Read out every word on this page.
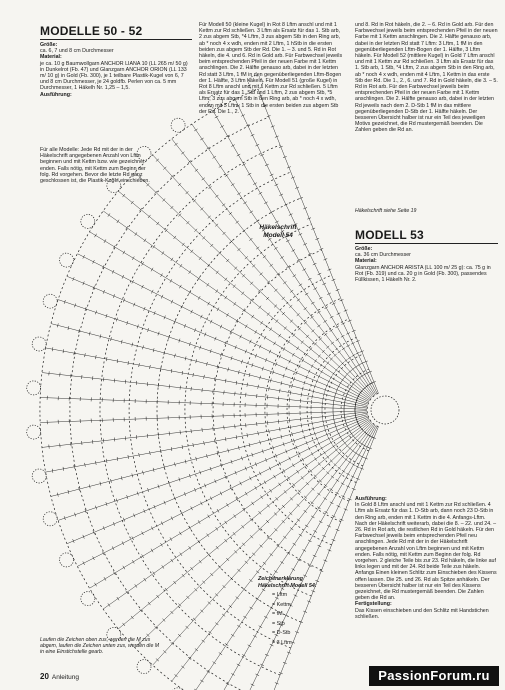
MODELLE 50 - 52
Größe:
ca. 6, 7 und 8 cm Durchmesser
Material:
je ca. 10 g Baumwollgarn ANCHOR LIANA 10 (LL 265 m/ 50 g) in Dunkelrot (Fb. 47) und Glanzgarn ANCHOR ORION (LL 133 m/ 10 g) in Gold (Fb. 300), je 1 teilbare Plastik-Kugel von 6, 7 und 8 cm Durchmesser, je 24 goldfb. Perlen von ca. 5 mm Durchmesser, 1 Häkelh Nr. 1,25 – 1,5.
Ausführung:
Für alle Modelle: Jede Rd mit der in der Häkelschrift angegebenen Anzahl von Lftm beginnen und mit Kettm bzw. wie gezeichnet enden. Falls nötig, mit Kettm zum Beginn der folg. Rd vorgehen. Bevor die letzte Rd ganz geschlossen ist, die Plastik-Kugel einschieben.
Für Modell 50 (kleine Kugel) in Rot 8 Lftm anschl und mit 1 Kettm zur Rd schließen. 3 Lftm als Ersatz für das 1. Stb arb, 2 zus abgem Stb, *4 Lftm, 3 zus abgem Stb in den Ring arb, ab * noch 4 x wdh, enden mit 2 Lftm, 1 hStb in die ersten beiden zus abgem Stb der Rd. Die 1. – 3. und 5. Rd in Rot häkeln, die 4. und 6. Rd in Gold arb. Für Farbwechsel jeweils beim entsprechenden Pfeil in der neuen Farbe mit 1 Kettm anschlingen. Die 2. Hälfte genauso arb, dabei in der letzten Rd statt 3 Lftm, 1 fM in den gegenüberliegenden Lftm-Bogen der 1. Hälfte, 3 Lftm häkeln. Für Modell 51 (große Kugel) in Rot 8 Lftm anschl und mit 1 Kettm zur Rd schließen. 5 Lftm als Ersatz für das 1. Stb und 1 Lftm, 2 zus abgem Stb, *5 Lftm, 3 zus abgem Stb in den Ring arb, ab * noch 4 x wdh, enden mit 5 Lftm, 1 Stb in die ersten beiden zus abgem Stb der Rd. Die 1., 2.
und 8. Rd in Rot häkeln, die 2. – 6. Rd in Gold arb. Für den Farbwechsel jeweils beim entsprechenden Pfeil in der neuen Farbe mit 1 Kettm anschlingen. Die 2. Hälfte genauso arb, dabei in der letzten Rd statt 7 Lftm: 3 Lftm, 1 fM in den gegenüberliegenden Lftm-Bogen der 1. Hälfte, 3 Lftm häkeln. Für Modell 52 (mittlere Kugel) in Gold 7 Lftm anschl und mit 1 Kettm zur Rd schließen. 3 Lftm als Ersatz für das 1. Stb arb, 1 Stb, *4 Lftm, 2 zus abgem Stb in den Ring arb, ab * noch 4 x wdh, enden mit 4 Lftm, 1 Kettm in das erste Stb der Rd. Die 1., 2., 6. und 7. Rd in Gold häkeln, die 3. – 5. Rd in Rot arb. Für den Farbwechsel jeweils beim entsprechenden Pfeil in der neuen Farbe mit 1 Kettm anschlingen. Die 2. Hälfte genauso arb, dabei in der letzten Rd jeweils nach dem 2. D-Stb 1 fM in das mittlere gegenüberliegenden D-Stb der 1. Hälfte häkeln. Der besseren Übersicht halber ist nur ein Teil des jeweiligen Motivs gezeichnet, die Rd mustergemäß beenden. Die Zahlen geben die Rd an.
Häkelschrift siehe Seite 19
MODELL 53
Größe:
ca. 36 cm Durchmesser
Material:
Glanzgarn ANCHOR ARISTA (LL 100 m/ 25 g): ca. 75 g in Rot (Fb. 319) und ca. 20 g in Gold (Fb. 300), passendes Füllkissen, 1 Häkelh Nr. 2.
Ausführung:
In Gold 8 Lftm anschl und mit 1 Kettm zur Rd schließen. 4 Lftm als Ersatz für das 1. D-Stb arb, dann noch 23 D-Stb in den Ring arb, enden mit 1 Kettm in die 4. Anfangs-Lftm. Nach der Häkelschrift weiterarb, dabei die 8. – 22. und 24. – 26. Rd in Rot arb, die restlichen Rd in Gold häkeln. Für den Farbwechsel jeweils beim entsprechenden Pfeil neu anschlingen. Jede Rd mit der in der Häkelschrift angegebenen Anzahl von Lftm beginnen und mit Kettm enden. Falls nötig, mit Kettm zum Beginn der folg. Rd vorgehen. 2 gleiche Teile bis zur 23. Rd häkeln, die linke auf links legen und mit der 24. Rd beide Teile zus häkeln. Anfangs Einen kleinen Schlitz zum Einschieben des Kissens offen lassen. Die 25. und 26. Rd als Spitze anhäkeln. Der besseren Übersicht halber ist nur ein Teil des Kissens gezeichnet, die Rd mustergemäß beenden. Die Zahlen geben die Rd an.
Fertigstellung:
Das Kissen einschieben und den Schlitz mit Handstichen schließen.
Häkelschrift
Modell 54
Zeichenerklärung
Häkelschrift Modell 54:
= Lftm
= Kettm
= fM
= Stb
= D-Stb
= 3 Lftm
Laufen die Zeichen oben zus, werden die M zus abgem, laufen die Zeichen unten zus, werden die M in eine Einstichstelle gearb.
20 Anleitung	PassionForum.ru
